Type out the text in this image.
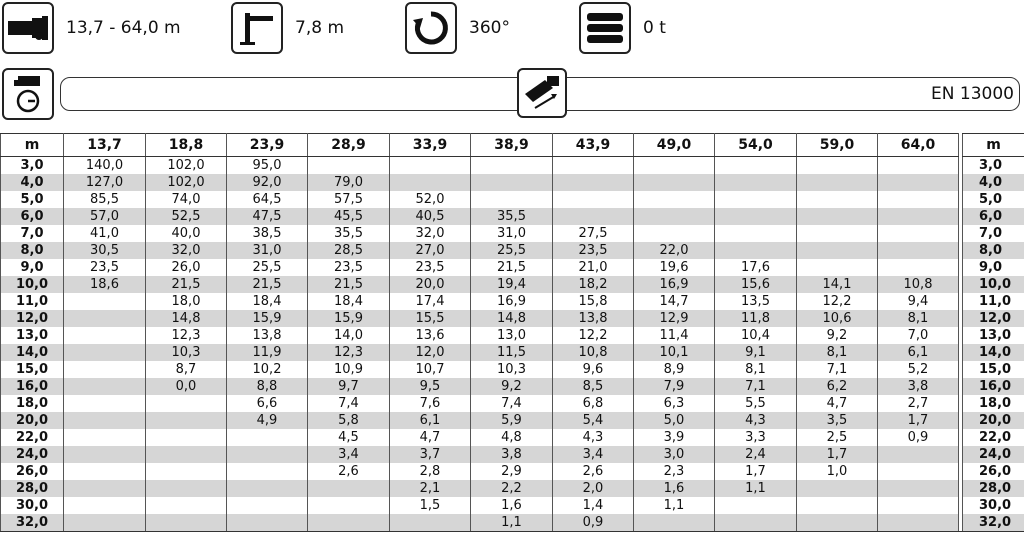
13,7 - 64,0 m	7,8 m	360°	0 t
EN 13000
m	13,7	18,8	23,9	28,9	33,9	38,9	43,9	49,0	54,0	59,0	64,0		m
3,0	140,0	102,0	95,0										3,0
4,0	127,0	102,0	92,0	79,0									4,0
5,0	85,5	74,0	64,5	57,5	52,0								5,0
6,0	57,0	52,5	47,5	45,5	40,5	35,5							6,0
7,0	41,0	40,0	38,5	35,5	32,0	31,0	27,5						7,0
8,0	30,5	32,0	31,0	28,5	27,0	25,5	23,5	22,0					8,0
9,0	23,5	26,0	25,5	23,5	23,5	21,5	21,0	19,6	17,6				9,0
10,0	18,6	21,5	21,5	21,5	20,0	19,4	18,2	16,9	15,6	14,1	10,8		10,0
11,0		18,0	18,4	18,4	17,4	16,9	15,8	14,7	13,5	12,2	9,4		11,0
12,0		14,8	15,9	15,9	15,5	14,8	13,8	12,9	11,8	10,6	8,1		12,0
13,0		12,3	13,8	14,0	13,6	13,0	12,2	11,4	10,4	9,2	7,0		13,0
14,0		10,3	11,9	12,3	12,0	11,5	10,8	10,1	9,1	8,1	6,1		14,0
15,0		8,7	10,2	10,9	10,7	10,3	9,6	8,9	8,1	7,1	5,2		15,0
16,0		0,0	8,8	9,7	9,5	9,2	8,5	7,9	7,1	6,2	3,8		16,0
18,0			6,6	7,4	7,6	7,4	6,8	6,3	5,5	4,7	2,7		18,0
20,0			4,9	5,8	6,1	5,9	5,4	5,0	4,3	3,5	1,7		20,0
22,0				4,5	4,7	4,8	4,3	3,9	3,3	2,5	0,9		22,0
24,0				3,4	3,7	3,8	3,4	3,0	2,4	1,7			24,0
26,0				2,6	2,8	2,9	2,6	2,3	1,7	1,0			26,0
28,0					2,1	2,2	2,0	1,6	1,1				28,0
30,0					1,5	1,6	1,4	1,1					30,0
32,0						1,1	0,9						32,0
